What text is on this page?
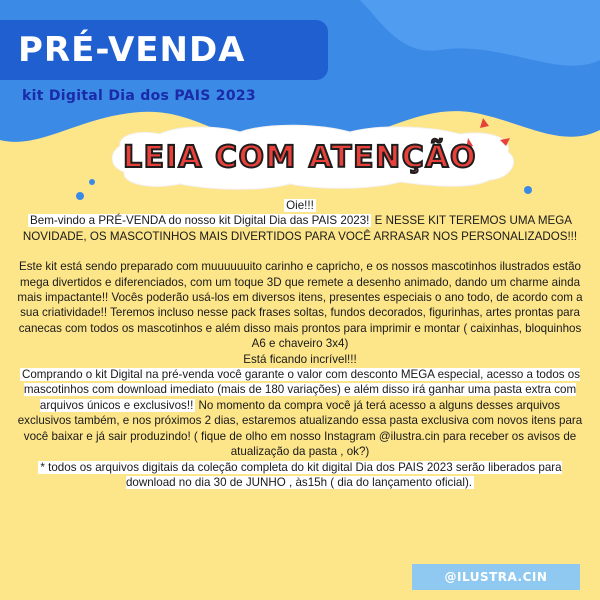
PRÉ-VENDA
kit Digital Dia dos PAIS 2023
LEIA COM ATENÇÃO

Oie!!!

Bem-vindo a PRÉ-VENDA do nosso kit Digital Dia das PAIS 2023! E NESSE KIT TEREMOS UMA MEGA NOVIDADE, OS MASCOTINHOS MAIS DIVERTIDOS PARA VOCÊ ARRASAR NOS PERSONALIZADOS!!!

Este kit está sendo preparado com muuuuuuito carinho e capricho, e os nossos mascotinhos ilustrados estão mega divertidos e diferenciados, com um toque 3D que remete a desenho animado, dando um charme ainda mais impactante!! Vocês poderão usá-los em diversos itens, presentes especiais o ano todo, de acordo com a sua criatividade!! Teremos incluso nesse pack frases soltas, fundos decorados, figurinhas, artes prontas para canecas com todos os mascotinhos e além disso mais prontos para imprimir e montar ( caixinhas, bloquinhos A6 e chaveiro 3x4)

Está ficando incrível!!!

Comprando o kit Digital na pré-venda você garante o valor com desconto MEGA especial, acesso a todos os mascotinhos com download imediato (mais de 180 variações) e além disso irá ganhar uma pasta extra com arquivos únicos e exclusivos!! No momento da compra você já terá acesso a alguns desses arquivos exclusivos também, e nos próximos 2 dias, estaremos atualizando essa pasta exclusiva com novos itens para você baixar e já sair produzindo! ( fique de olho em nosso Instagram @ilustra.cin para receber os avisos de atualização da pasta , ok?)

* todos os arquivos digitais da coleção completa do kit digital Dia dos PAIS 2023 serão liberados para download no dia 30 de JUNHO , às15h ( dia do lançamento oficial).

@ILUSTRA.CIN
